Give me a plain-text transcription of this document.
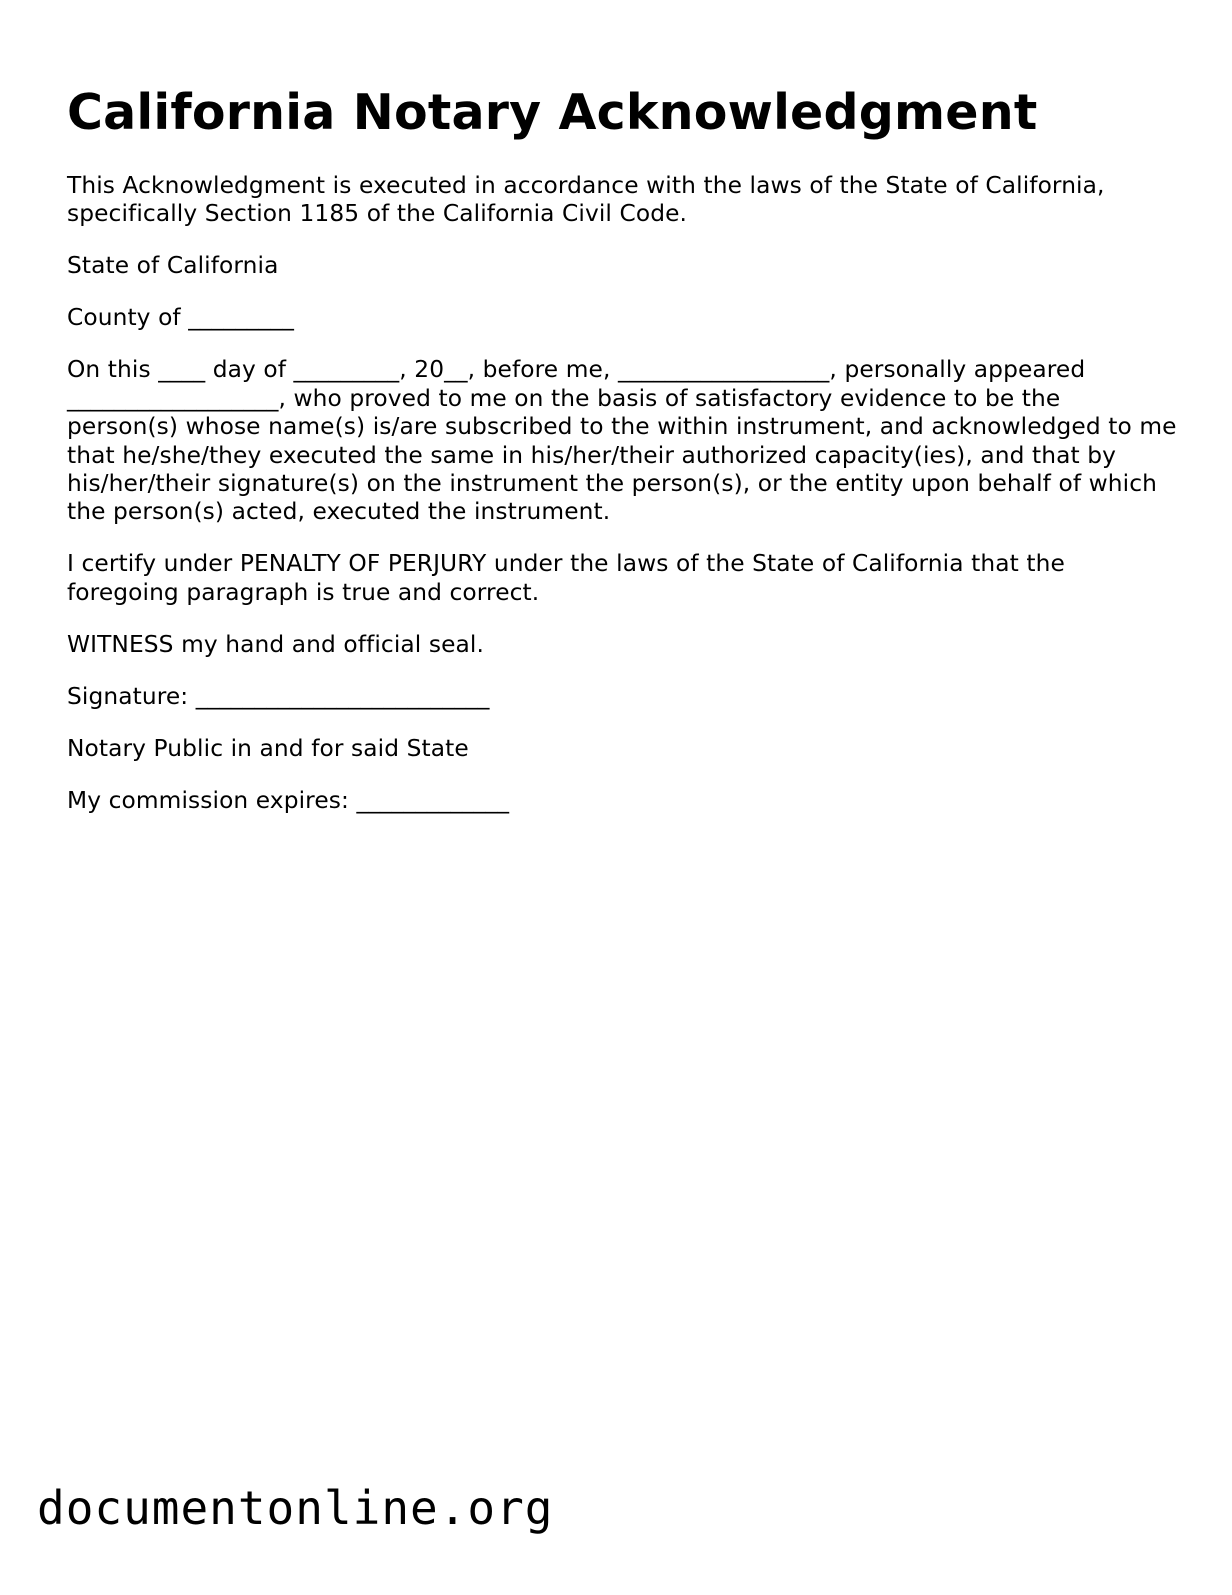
California Notary Acknowledgment

This Acknowledgment is executed in accordance with the laws of the State of California, specifically Section 1185 of the California Civil Code.

State of California

County of _________

On this ____ day of _________, 20__, before me, __________________, personally appeared __________________, who proved to me on the basis of satisfactory evidence to be the person(s) whose name(s) is/are subscribed to the within instrument, and acknowledged to me that he/she/they executed the same in his/her/their authorized capacity(ies), and that by his/her/their signature(s) on the instrument the person(s), or the entity upon behalf of which the person(s) acted, executed the instrument.

I certify under PENALTY OF PERJURY under the laws of the State of California that the foregoing paragraph is true and correct.

WITNESS my hand and official seal.

Signature: _________________________

Notary Public in and for said State

My commission expires: _____________

documentonline.org
